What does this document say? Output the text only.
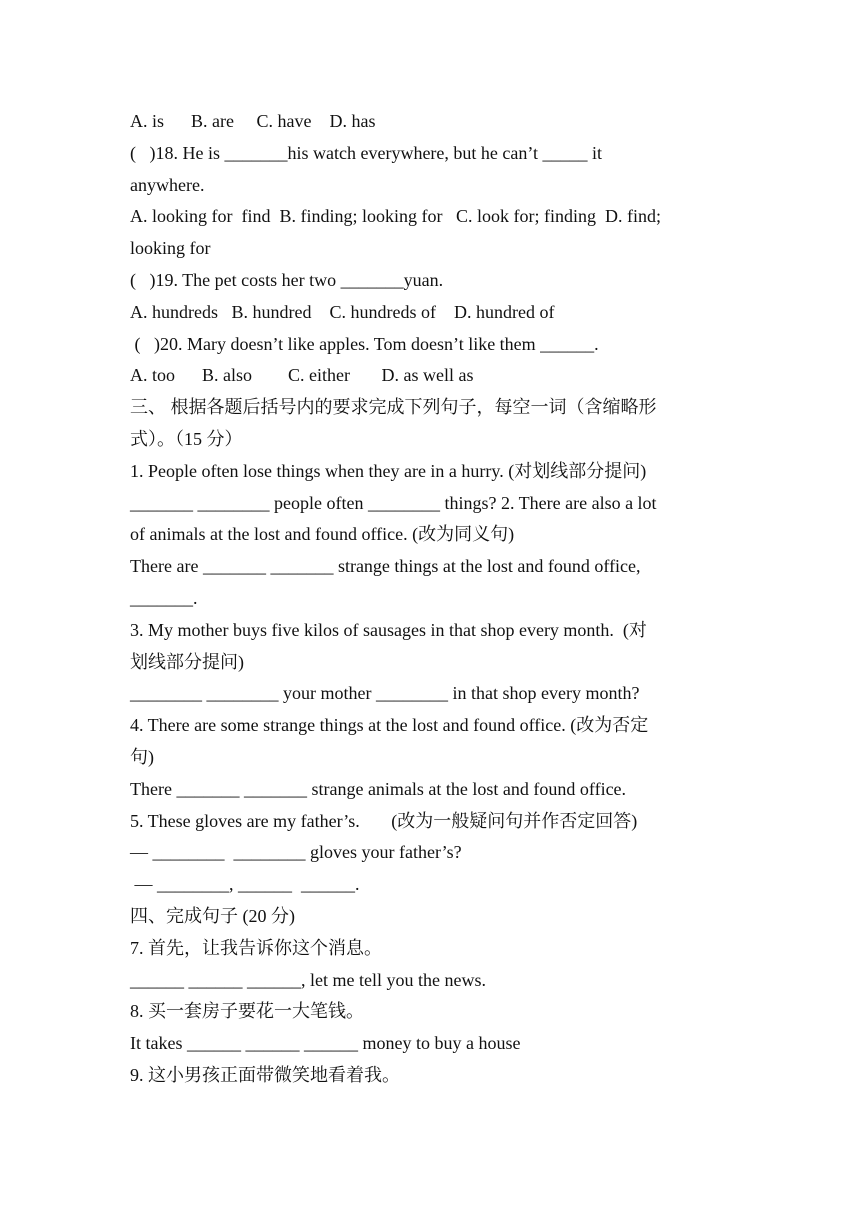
A. is      B. are     C. have    D. has

(   )18. He is _______his watch everywhere, but he can’t _____ it

anywhere.

A. looking for  find  B. finding; looking for   C. look for; finding  D. find;

looking for

(   )19. The pet costs her two _______yuan.

A. hundreds   B. hundred    C. hundreds of    D. hundred of

(   )20. Mary doesn’t like apples. Tom doesn’t like them ______.

A. too      B. also        C. either       D. as well as

三、 根据各题后括号内的要求完成下列句子，每空一词（含缩略形

式）。（15 分）

1. People often lose things when they are in a hurry. (对划线部分提问)

_______ ________ people often ________ things? 2. There are also a lot

of animals at the lost and found office. (改为同义句)

There are _______ _______ strange things at the lost and found office,

_______.

3. My mother buys five kilos of sausages in that shop every month.  (对

划线部分提问)

________ ________ your mother ________ in that shop every month?

4. There are some strange things at the lost and found office. (改为否定

句)

There _______ _______ strange animals at the lost and found office.

5. These gloves are my father’s.       (改为一般疑问句并作否定回答)

— ________  ________ gloves your father’s?

— ________, ______  ______.

四、完成句子 (20 分)

7. 首先，让我告诉你这个消息。

______ ______ ______, let me tell you the news.

8. 买一套房子要花一大笔钱。

It takes ______ ______ ______ money to buy a house

9. 这小男孩正面带微笑地看着我。
